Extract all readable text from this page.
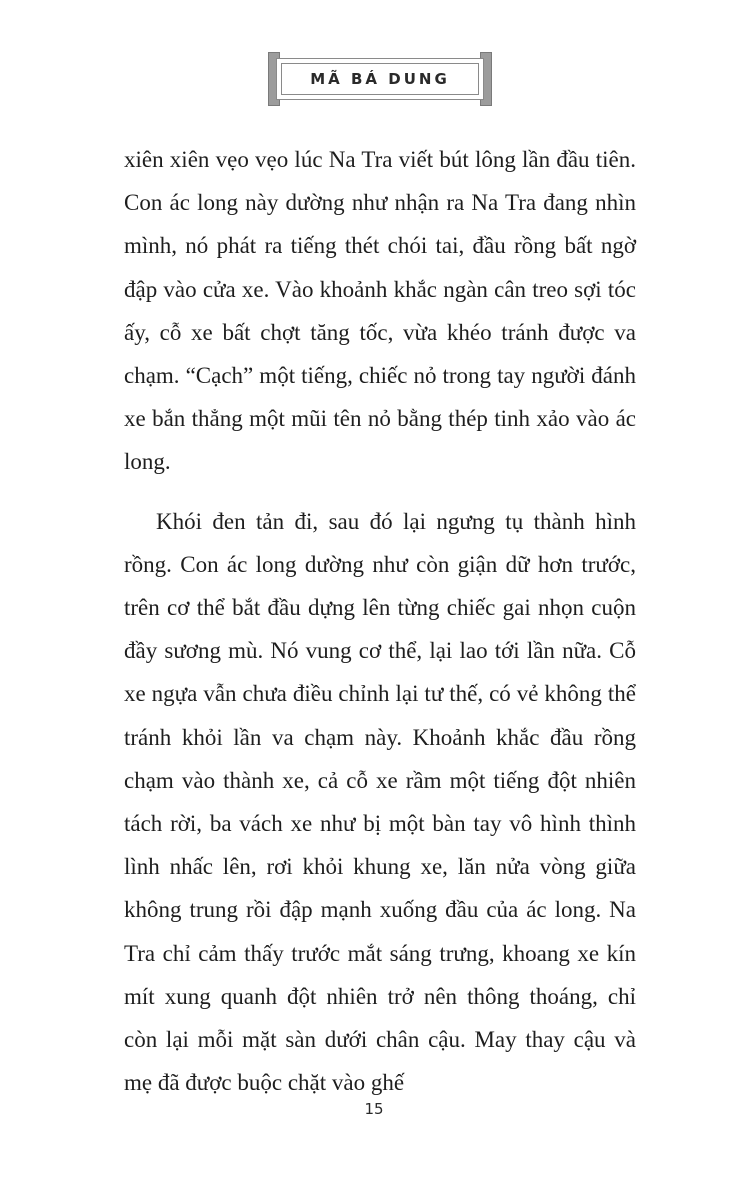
MÃ BÁ DUNG

xiên xiên vẹo vẹo lúc Na Tra viết bút lông lần đầu tiên. Con ác long này dường như nhận ra Na Tra đang nhìn mình, nó phát ra tiếng thét chói tai, đầu rồng bất ngờ đập vào cửa xe. Vào khoảnh khắc ngàn cân treo sợi tóc ấy, cỗ xe bất chợt tăng tốc, vừa khéo tránh được va chạm. “Cạch” một tiếng, chiếc nỏ trong tay người đánh xe bắn thẳng một mũi tên nỏ bằng thép tinh xảo vào ác long.

Khói đen tản đi, sau đó lại ngưng tụ thành hình rồng. Con ác long dường như còn giận dữ hơn trước, trên cơ thể bắt đầu dựng lên từng chiếc gai nhọn cuộn đầy sương mù. Nó vung cơ thể, lại lao tới lần nữa. Cỗ xe ngựa vẫn chưa điều chỉnh lại tư thế, có vẻ không thể tránh khỏi lần va chạm này. Khoảnh khắc đầu rồng chạm vào thành xe, cả cỗ xe rầm một tiếng đột nhiên tách rời, ba vách xe như bị một bàn tay vô hình thình lình nhấc lên, rơi khỏi khung xe, lăn nửa vòng giữa không trung rồi đập mạnh xuống đầu của ác long. Na Tra chỉ cảm thấy trước mắt sáng trưng, khoang xe kín mít xung quanh đột nhiên trở nên thông thoáng, chỉ còn lại mỗi mặt sàn dưới chân cậu. May thay cậu và mẹ đã được buộc chặt vào ghế

15
